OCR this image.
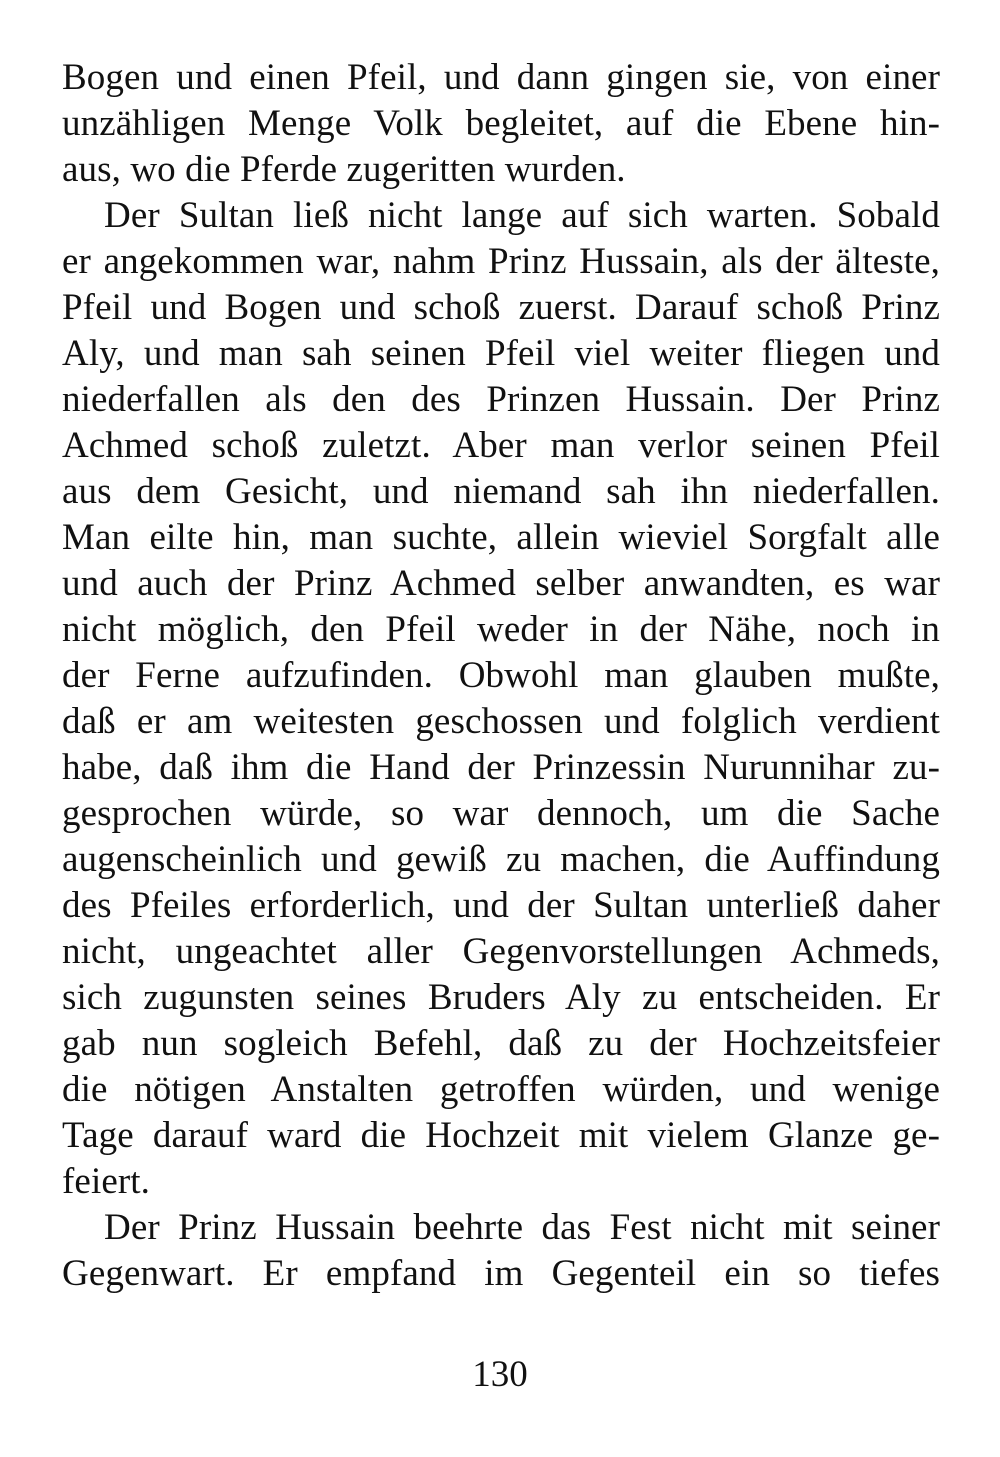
Bogen und einen Pfeil, und dann gingen sie, von einer
unzähligen Menge Volk begleitet, auf die Ebene hin-
aus, wo die Pferde zugeritten wurden.
Der Sultan ließ nicht lange auf sich warten. Sobald
er angekommen war, nahm Prinz Hussain, als der älteste,
Pfeil und Bogen und schoß zuerst. Darauf schoß Prinz
Aly, und man sah seinen Pfeil viel weiter fliegen und
niederfallen als den des Prinzen Hussain. Der Prinz
Achmed schoß zuletzt. Aber man verlor seinen Pfeil
aus dem Gesicht, und niemand sah ihn niederfallen.
Man eilte hin, man suchte, allein wieviel Sorgfalt alle
und auch der Prinz Achmed selber anwandten, es war
nicht möglich, den Pfeil weder in der Nähe, noch in
der Ferne aufzufinden. Obwohl man glauben mußte,
daß er am weitesten geschossen und folglich verdient
habe, daß ihm die Hand der Prinzessin Nurunnihar zu-
gesprochen würde, so war dennoch, um die Sache
augenscheinlich und gewiß zu machen, die Auffindung
des Pfeiles erforderlich, und der Sultan unterließ daher
nicht, ungeachtet aller Gegenvorstellungen Achmeds,
sich zugunsten seines Bruders Aly zu entscheiden. Er
gab nun sogleich Befehl, daß zu der Hochzeitsfeier
die nötigen Anstalten getroffen würden, und wenige
Tage darauf ward die Hochzeit mit vielem Glanze ge-
feiert.
Der Prinz Hussain beehrte das Fest nicht mit seiner
Gegenwart. Er empfand im Gegenteil ein so tiefes
130
